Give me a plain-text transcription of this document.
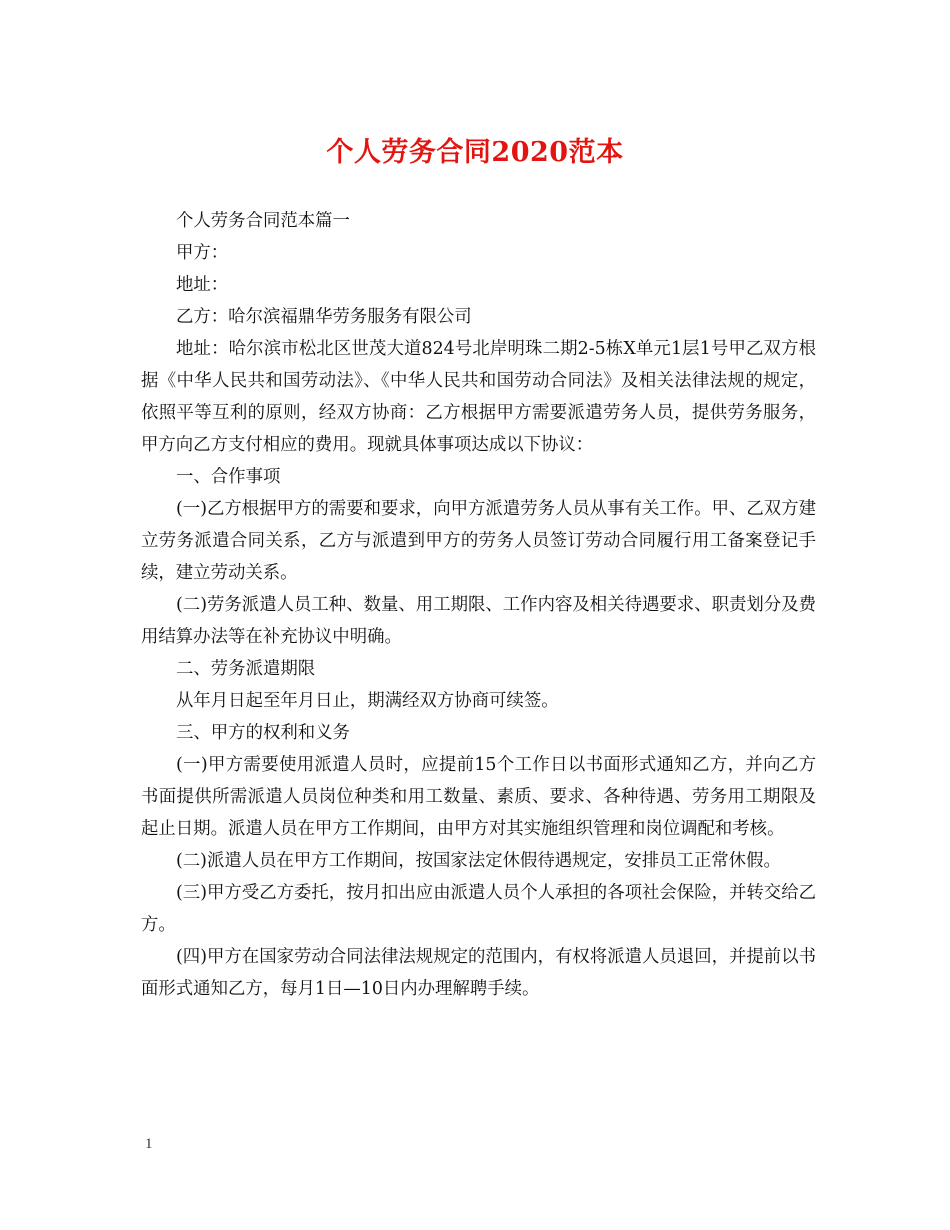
个人劳务合同2020范本

个人劳务合同范本篇一

甲方：

地址：

乙方：哈尔滨福鼎华劳务服务有限公司

地址：哈尔滨市松北区世茂大道824号北岸明珠二期2-5栋X单元1层1号甲乙双方根据《中华人民共和国劳动法》、《中华人民共和国劳动合同法》及相关法律法规的规定，依照平等互利的原则，经双方协商：乙方根据甲方需要派遣劳务人员，提供劳务服务，甲方向乙方支付相应的费用。现就具体事项达成以下协议：

一、合作事项

(一)乙方根据甲方的需要和要求，向甲方派遣劳务人员从事有关工作。甲、乙双方建立劳务派遣合同关系，乙方与派遣到甲方的劳务人员签订劳动合同履行用工备案登记手续，建立劳动关系。

(二)劳务派遣人员工种、数量、用工期限、工作内容及相关待遇要求、职责划分及费用结算办法等在补充协议中明确。

二、劳务派遣期限

从年月日起至年月日止，期满经双方协商可续签。

三、甲方的权利和义务

(一)甲方需要使用派遣人员时，应提前15个工作日以书面形式通知乙方，并向乙方书面提供所需派遣人员岗位种类和用工数量、素质、要求、各种待遇、劳务用工期限及起止日期。派遣人员在甲方工作期间，由甲方对其实施组织管理和岗位调配和考核。

(二)派遣人员在甲方工作期间，按国家法定休假待遇规定，安排员工正常休假。

(三)甲方受乙方委托，按月扣出应由派遣人员个人承担的各项社会保险，并转交给乙方。

(四)甲方在国家劳动合同法律法规规定的范围内，有权将派遣人员退回，并提前以书面形式通知乙方，每月1日—10日内办理解聘手续。

1
